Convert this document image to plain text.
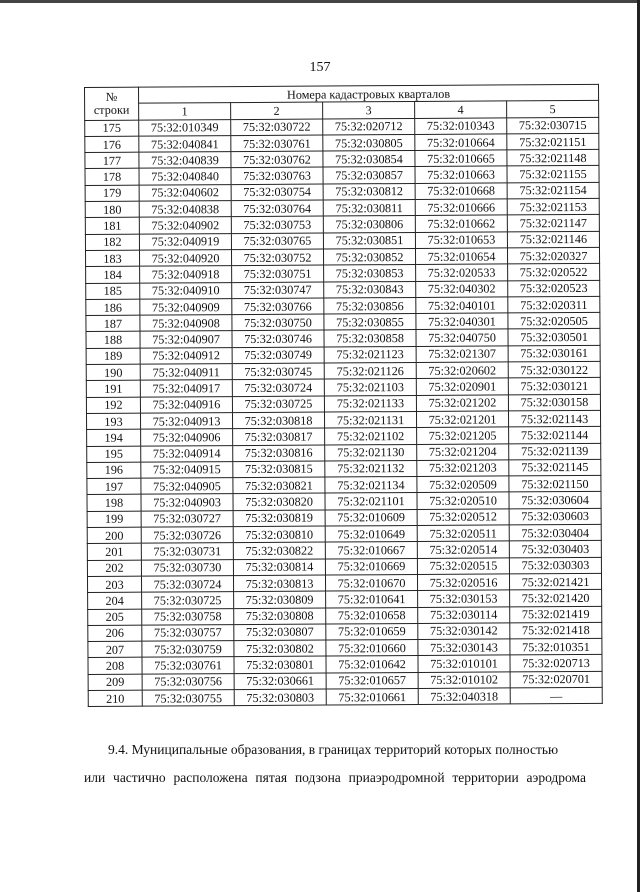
157
№
строки	Номера кадастровых кварталов				
	1	2	3	4	5
175	75:32:010349	75:32:030722	75:32:020712	75:32:010343	75:32:030715
176	75:32:040841	75:32:030761	75:32:030805	75:32:010664	75:32:021151
177	75:32:040839	75:32:030762	75:32:030854	75:32:010665	75:32:021148
178	75:32:040840	75:32:030763	75:32:030857	75:32:010663	75:32:021155
179	75:32:040602	75:32:030754	75:32:030812	75:32:010668	75:32:021154
180	75:32:040838	75:32:030764	75:32:030811	75:32:010666	75:32:021153
181	75:32:040902	75:32:030753	75:32:030806	75:32:010662	75:32:021147
182	75:32:040919	75:32:030765	75:32:030851	75:32:010653	75:32:021146
183	75:32:040920	75:32:030752	75:32:030852	75:32:010654	75:32:020327
184	75:32:040918	75:32:030751	75:32:030853	75:32:020533	75:32:020522
185	75:32:040910	75:32:030747	75:32:030843	75:32:040302	75:32:020523
186	75:32:040909	75:32:030766	75:32:030856	75:32:040101	75:32:020311
187	75:32:040908	75:32:030750	75:32:030855	75:32:040301	75:32:020505
188	75:32:040907	75:32:030746	75:32:030858	75:32:040750	75:32:030501
189	75:32:040912	75:32:030749	75:32:021123	75:32:021307	75:32:030161
190	75:32:040911	75:32:030745	75:32:021126	75:32:020602	75:32:030122
191	75:32:040917	75:32:030724	75:32:021103	75:32:020901	75:32:030121
192	75:32:040916	75:32:030725	75:32:021133	75:32:021202	75:32:030158
193	75:32:040913	75:32:030818	75:32:021131	75:32:021201	75:32:021143
194	75:32:040906	75:32:030817	75:32:021102	75:32:021205	75:32:021144
195	75:32:040914	75:32:030816	75:32:021130	75:32:021204	75:32:021139
196	75:32:040915	75:32:030815	75:32:021132	75:32:021203	75:32:021145
197	75:32:040905	75:32:030821	75:32:021134	75:32:020509	75:32:021150
198	75:32:040903	75:32:030820	75:32:021101	75:32:020510	75:32:030604
199	75:32:030727	75:32:030819	75:32:010609	75:32:020512	75:32:030603
200	75:32:030726	75:32:030810	75:32:010649	75:32:020511	75:32:030404
201	75:32:030731	75:32:030822	75:32:010667	75:32:020514	75:32:030403
202	75:32:030730	75:32:030814	75:32:010669	75:32:020515	75:32:030303
203	75:32:030724	75:32:030813	75:32:010670	75:32:020516	75:32:021421
204	75:32:030725	75:32:030809	75:32:010641	75:32:030153	75:32:021420
205	75:32:030758	75:32:030808	75:32:010658	75:32:030114	75:32:021419
206	75:32:030757	75:32:030807	75:32:010659	75:32:030142	75:32:021418
207	75:32:030759	75:32:030802	75:32:010660	75:32:030143	75:32:010351
208	75:32:030761	75:32:030801	75:32:010642	75:32:010101	75:32:020713
209	75:32:030756	75:32:030661	75:32:010657	75:32:010102	75:32:020701
210	75:32:030755	75:32:030803	75:32:010661	75:32:040318	—
9.4. Муниципальные образования, в границах территорий которых полностью
или частично расположена пятая подзона приаэродромной территории аэродрома
